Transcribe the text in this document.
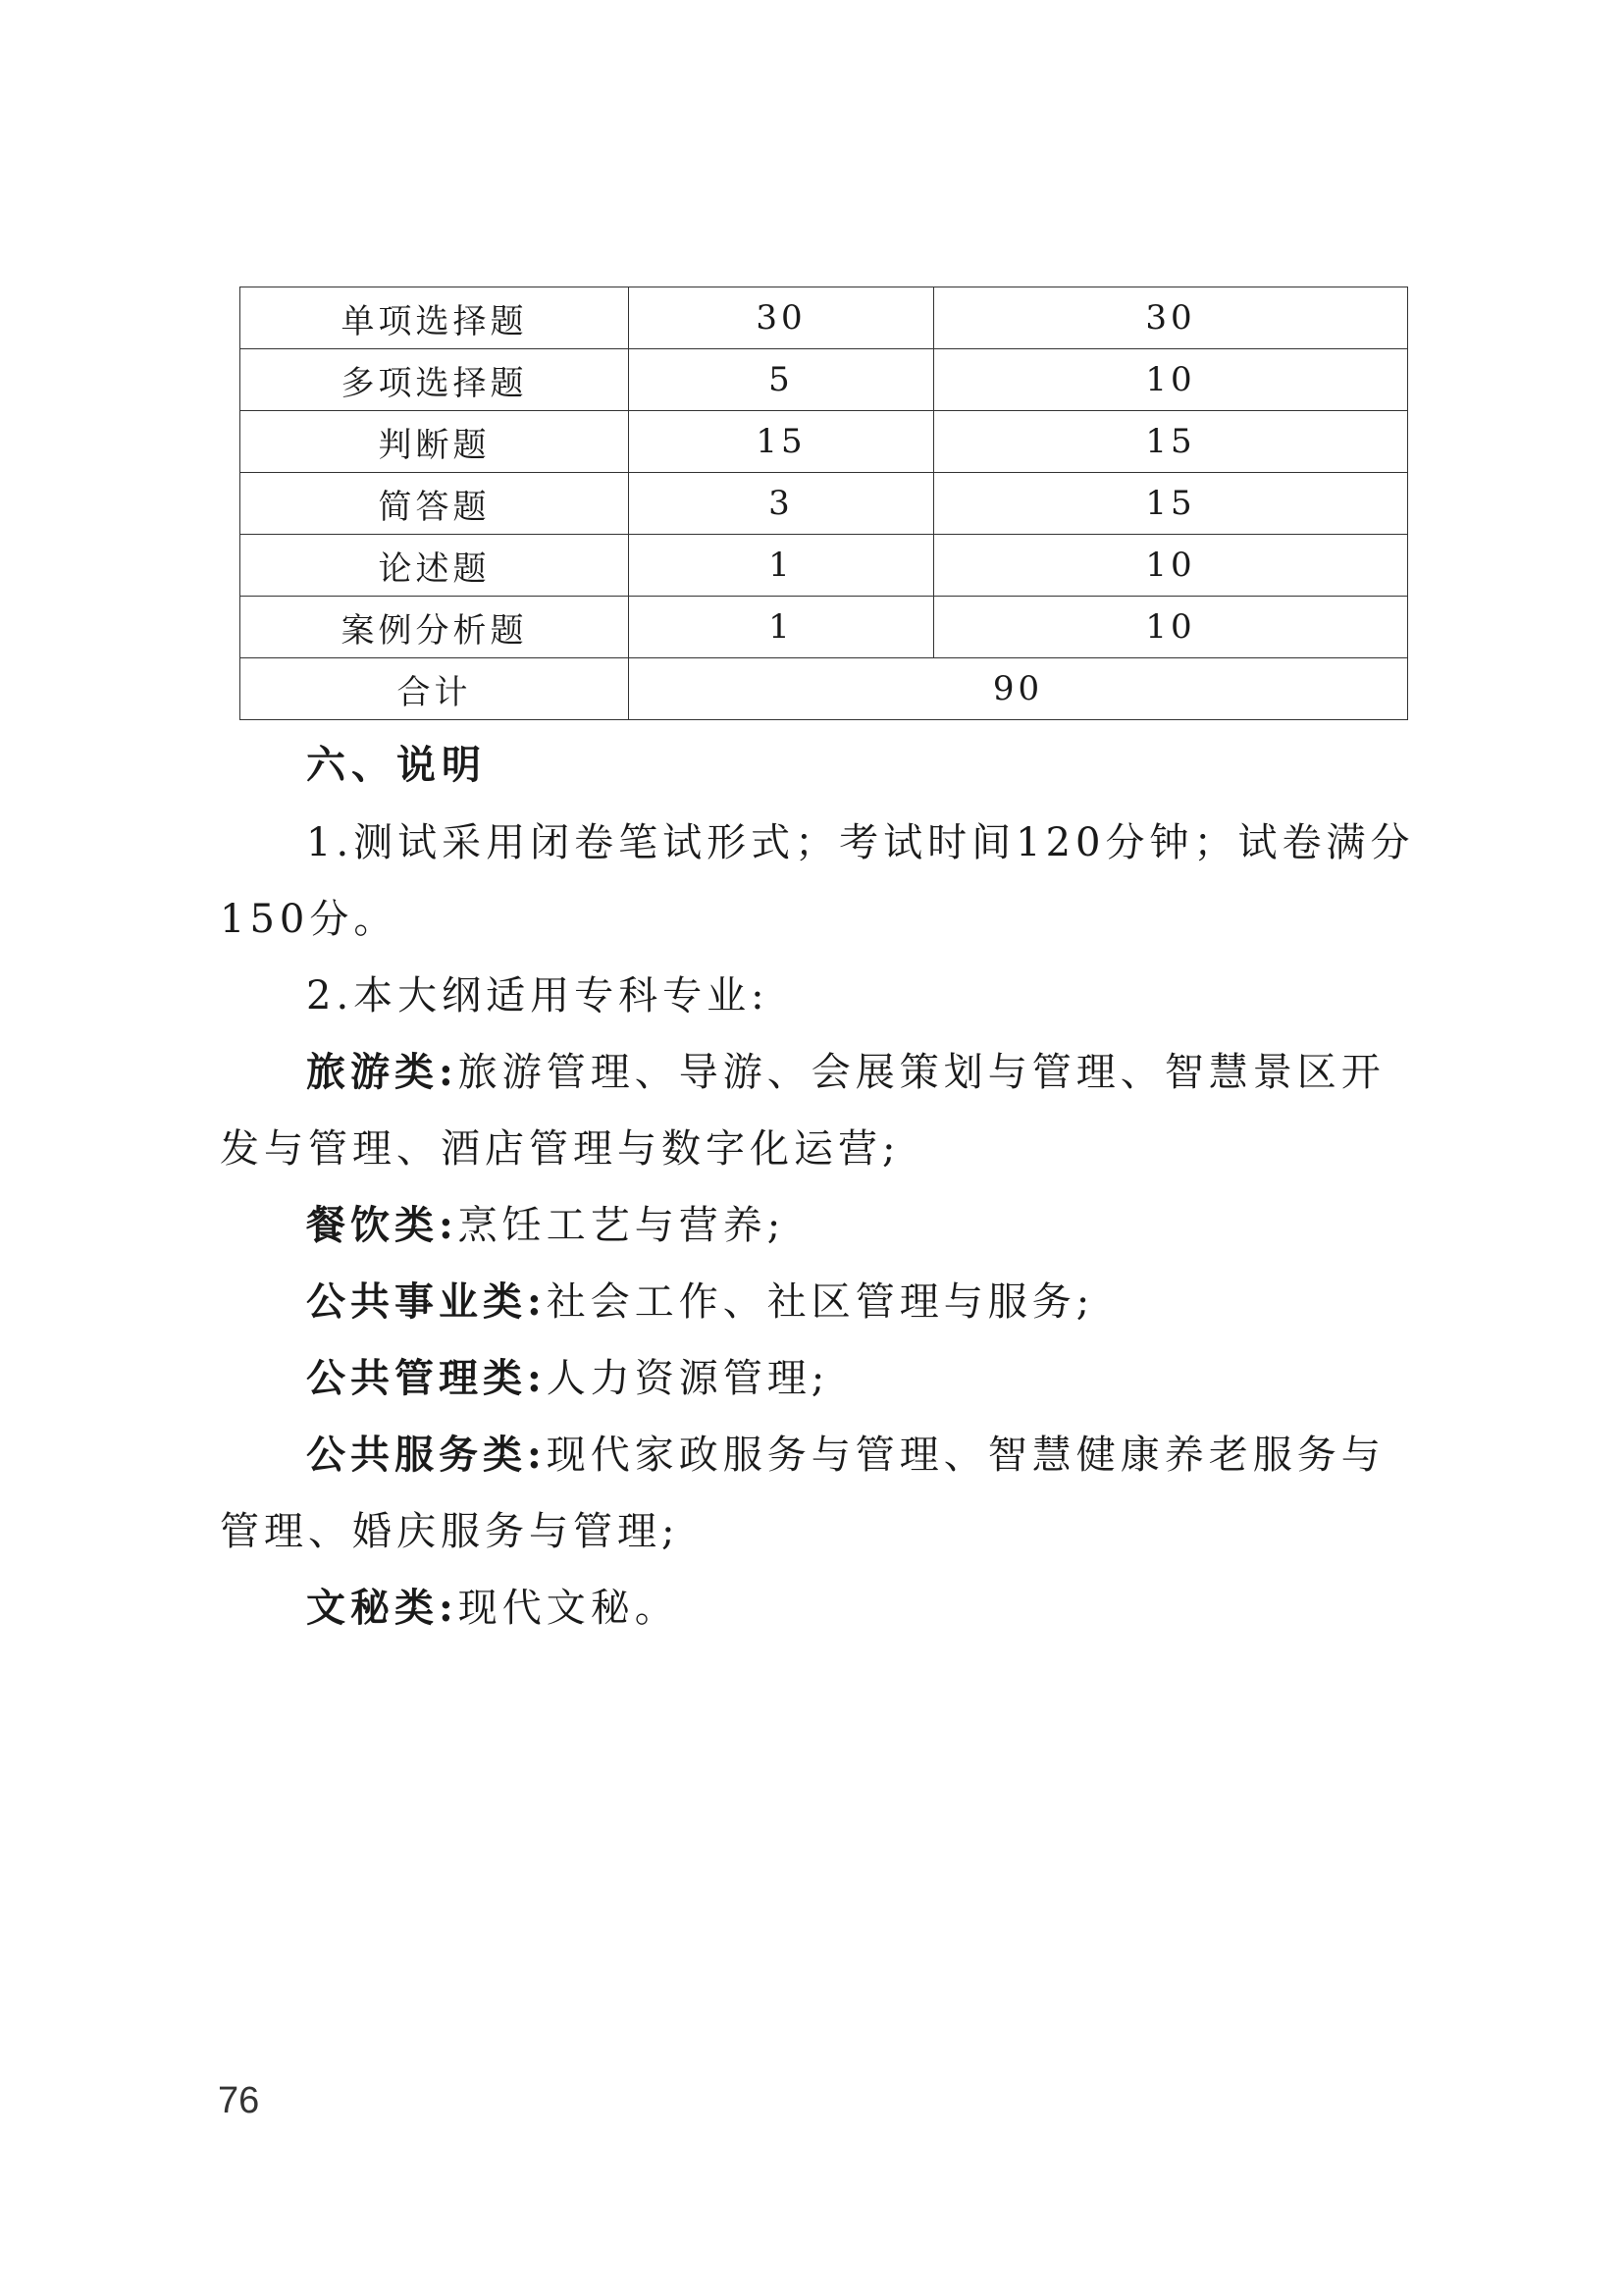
单项选择题	30	30
多项选择题	5	10
判断题	15	15
简答题	3	15
论述题	1	10
案例分析题	1	10
合计	90	
六、说明

1.测试采用闭卷笔试形式；考试时间120分钟；试卷满分150分。

2.本大纲适用专科专业:

旅游类:旅游管理、导游、会展策划与管理、智慧景区开发与管理、酒店管理与数字化运营;

餐饮类:烹饪工艺与营养;

公共事业类:社会工作、社区管理与服务;

公共管理类:人力资源管理;

公共服务类:现代家政服务与管理、智慧健康养老服务与管理、婚庆服务与管理;

文秘类:现代文秘。

76
